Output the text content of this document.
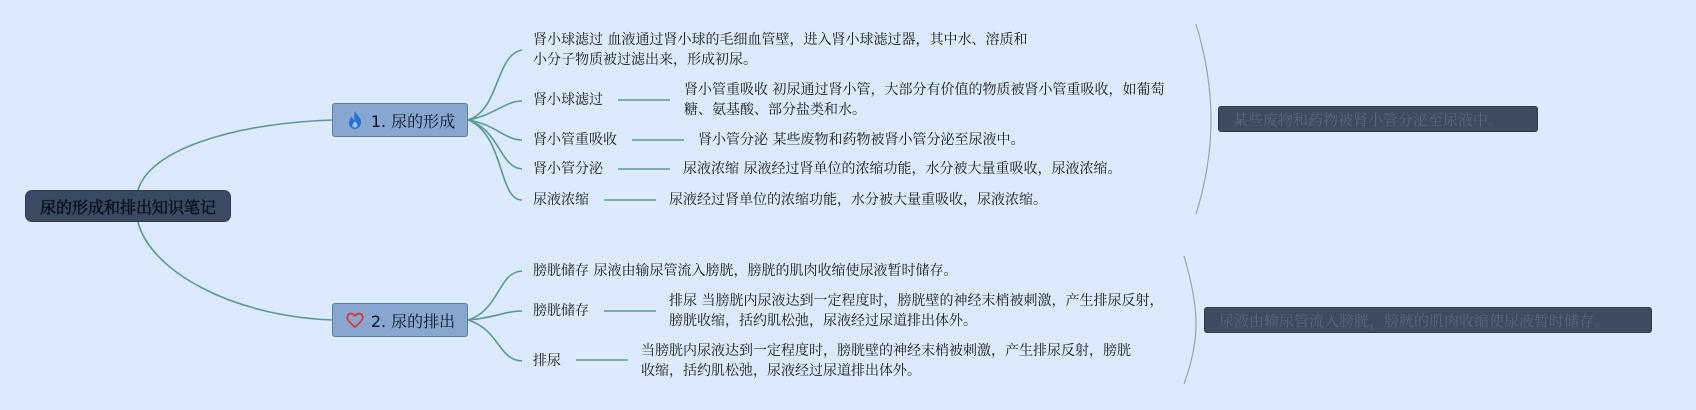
尿的形成和排出知识笔记
1. 尿的形成
2. 尿的排出
肾小球滤过 血液通过肾小球的毛细血管壁，进入肾小球滤过器，其中水、溶质和
小分子物质被过滤出来，形成初尿。
肾小球滤过
肾小管重吸收 初尿通过肾小管，大部分有价值的物质被肾小管重吸收，如葡萄
糖、氨基酸、部分盐类和水。
肾小管重吸收	肾小管分泌 某些废物和药物被肾小管分泌至尿液中。
肾小管分泌	尿液浓缩 尿液经过肾单位的浓缩功能，水分被大量重吸收，尿液浓缩。
尿液浓缩	尿液经过肾单位的浓缩功能，水分被大量重吸收，尿液浓缩。
膀胱储存 尿液由输尿管流入膀胱，膀胱的肌肉收缩使尿液暂时储存。
膀胱储存
排尿 当膀胱内尿液达到一定程度时，膀胱壁的神经末梢被刺激，产生排尿反射，
膀胱收缩，括约肌松弛，尿液经过尿道排出体外。
排尿
当膀胱内尿液达到一定程度时，膀胱壁的神经末梢被刺激，产生排尿反射，膀胱
收缩，括约肌松弛，尿液经过尿道排出体外。
某些废物和药物被肾小管分泌至尿液中。
尿液由输尿管流入膀胱，膀胱的肌肉收缩使尿液暂时储存。
